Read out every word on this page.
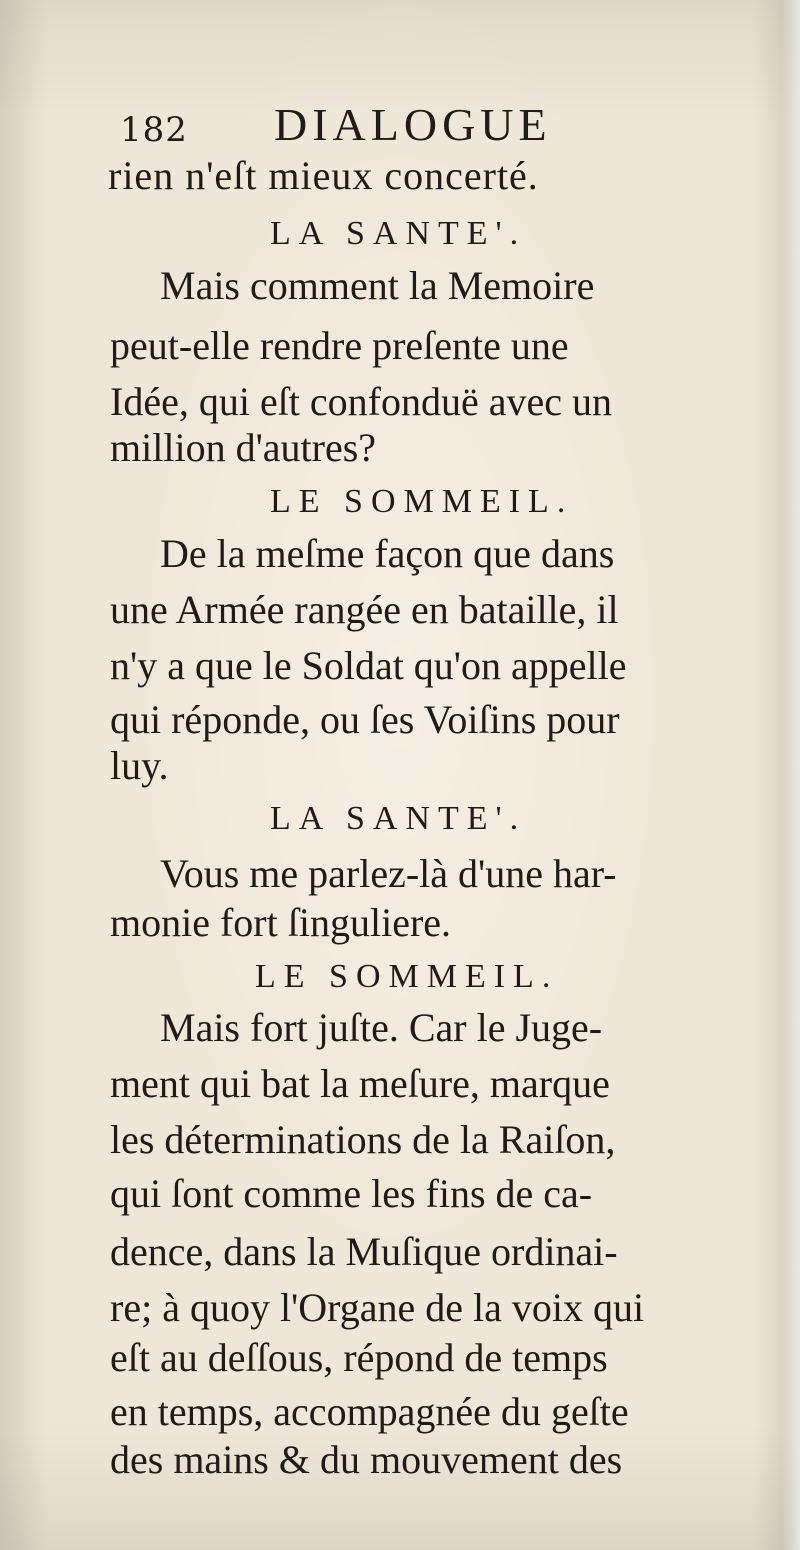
182 DIALOGUE
rien n'eſt mieux concerté.
LA SANTE'.
Mais comment la Memoire
peut-elle rendre preſente une
Idée, qui eſt confonduë avec un
million d'autres?
LE SOMMEIL.
De la meſme façon que dans
une Armée rangée en bataille, il
n'y a que le Soldat qu'on appelle
qui réponde, ou ſes Voiſins pour
luy.
LA SANTE'.
Vous me parlez-là d'une har-
monie fort ſinguliere.
LE SOMMEIL.
Mais fort juſte. Car le Juge-
ment qui bat la meſure, marque
les déterminations de la Raiſon,
qui ſont comme les fins de ca-
dence, dans la Muſique ordinai-
re; à quoy l'Organe de la voix qui
eſt au deſſous, répond de temps
en temps, accompagnée du geſte
des mains & du mouvement des
